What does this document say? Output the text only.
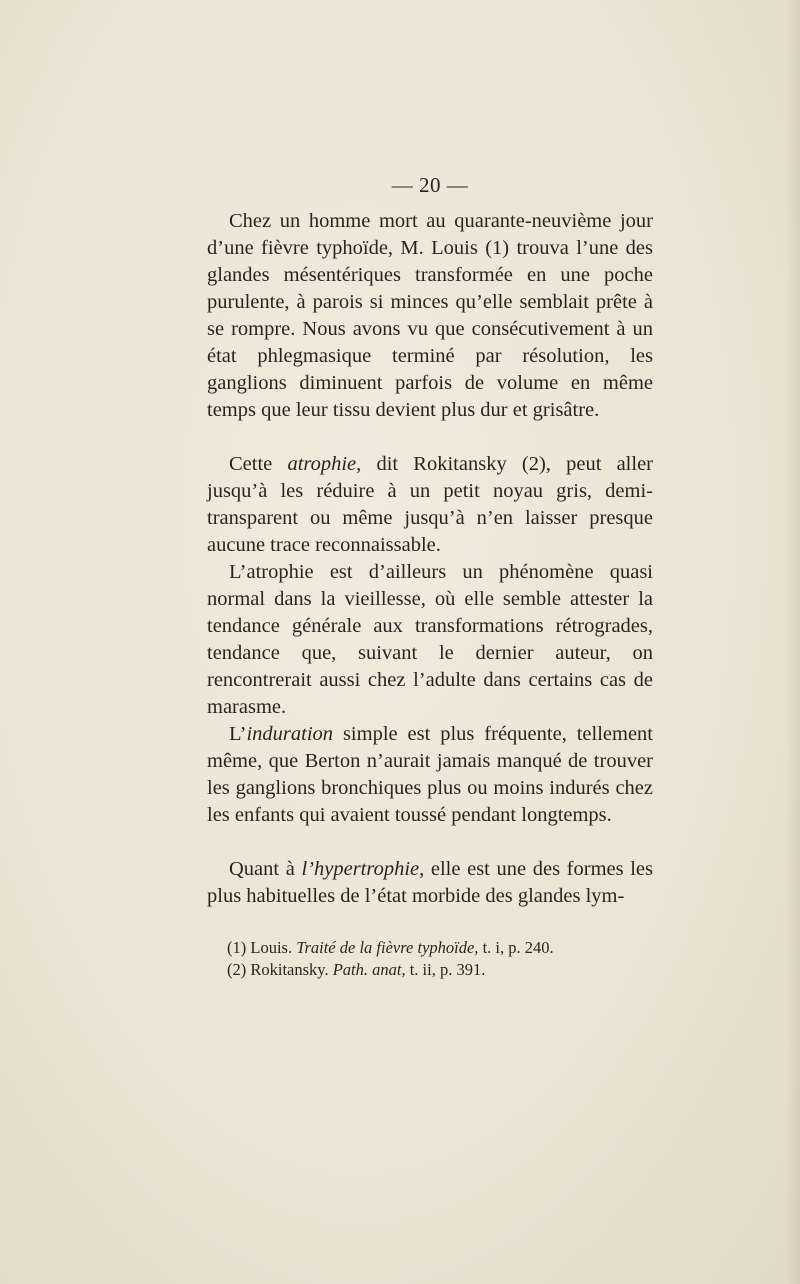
— 20 —

Chez un homme mort au quarante-neuvième jour d’une fièvre typhoïde, M. Louis (1) trouva l’une des glandes mésentériques transformée en une poche purulente, à parois si minces qu’elle semblait prête à se rompre. Nous avons vu que consécutivement à un état phlegmasique terminé par résolution, les ganglions diminuent parfois de volume en même temps que leur tissu devient plus dur et grisâtre.

Cette atrophie, dit Rokitansky (2), peut aller jusqu’à les réduire à un petit noyau gris, demi-transparent ou même jusqu’à n’en laisser presque aucune trace reconnaissable.

L’atrophie est d’ailleurs un phénomène quasi normal dans la vieillesse, où elle semble attester la tendance générale aux transformations rétrogrades, tendance que, suivant le dernier auteur, on rencontrerait aussi chez l’adulte dans certains cas de marasme.

L’induration simple est plus fréquente, tellement même, que Berton n’aurait jamais manqué de trouver les ganglions bronchiques plus ou moins indurés chez les enfants qui avaient toussé pendant longtemps.

Quant à l’hypertrophie, elle est une des formes les plus habituelles de l’état morbide des glandes lym-

(1) Louis. Traité de la fièvre typhoïde, t. i, p. 240.

(2) Rokitansky. Path. anat, t. ii, p. 391.
